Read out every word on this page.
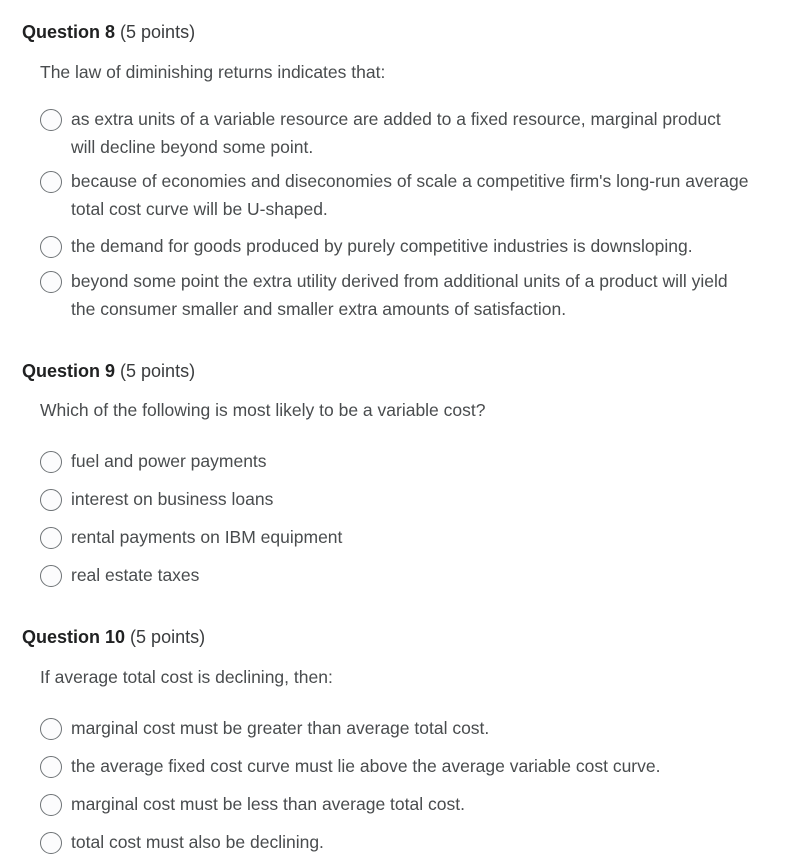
Question 8 (5 points)
The law of diminishing returns indicates that:
as extra units of a variable resource are added to a fixed resource, marginal product will decline beyond some point.
because of economies and diseconomies of scale a competitive firm's long-run average total cost curve will be U-shaped.
the demand for goods produced by purely competitive industries is downsloping.
beyond some point the extra utility derived from additional units of a product will yield the consumer smaller and smaller extra amounts of satisfaction.
Question 9 (5 points)
Which of the following is most likely to be a variable cost?
fuel and power payments
interest on business loans
rental payments on IBM equipment
real estate taxes
Question 10 (5 points)
If average total cost is declining, then:
marginal cost must be greater than average total cost.
the average fixed cost curve must lie above the average variable cost curve.
marginal cost must be less than average total cost.
total cost must also be declining.
